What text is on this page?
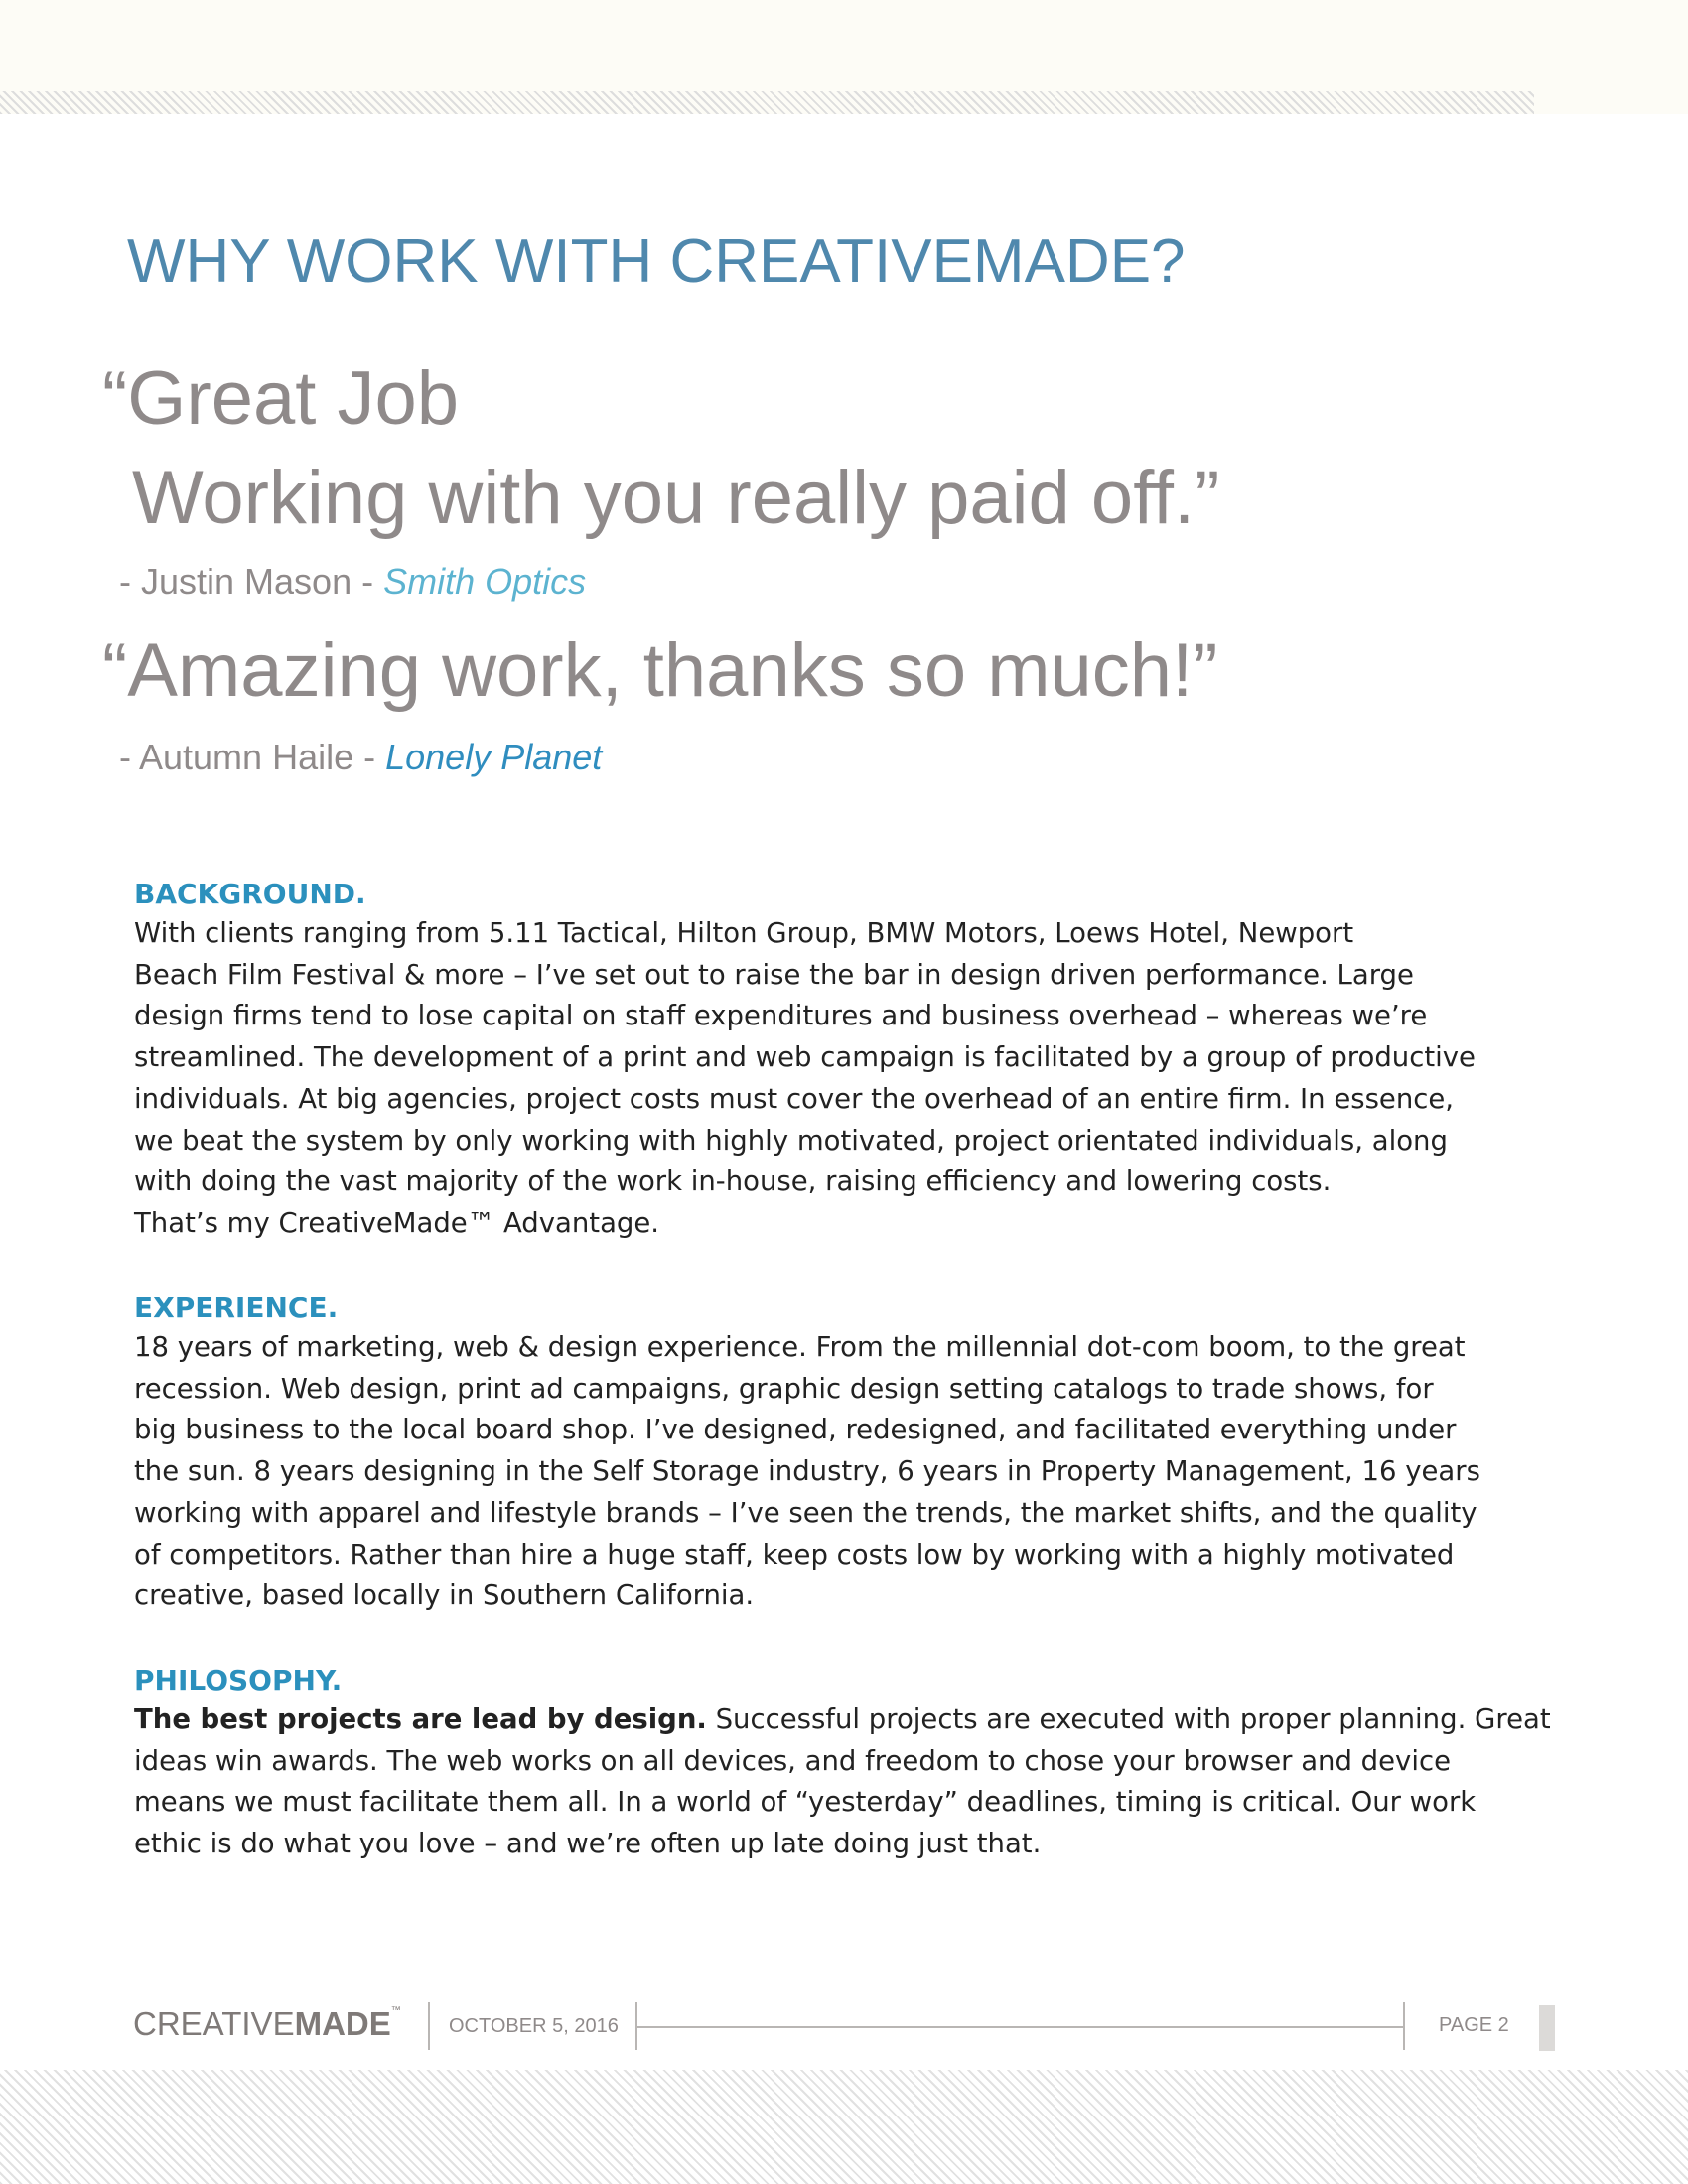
WHY WORK WITH CREATIVEMADE?
“Great Job
Working with you really paid off.”
- Justin Mason - Smith Optics
“Amazing work, thanks so much!”
- Autumn Haile - Lonely Planet
BACKGROUND.

With clients ranging from 5.11 Tactical, Hilton Group, BMW Motors, Loews Hotel, Newport
Beach Film Festival & more – I’ve set out to raise the bar in design driven performance. Large
design firms tend to lose capital on staff expenditures and business overhead – whereas we’re
streamlined. The development of a print and web campaign is facilitated by a group of productive
individuals. At big agencies, project costs must cover the overhead of an entire firm. In essence,
we beat the system by only working with highly motivated, project orientated individuals, along
with doing the vast majority of the work in-house, raising efficiency and lowering costs.
That’s my CreativeMade™ Advantage.

EXPERIENCE.

18 years of marketing, web & design experience. From the millennial dot-com boom, to the great
recession. Web design, print ad campaigns, graphic design setting catalogs to trade shows, for
big business to the local board shop. I’ve designed, redesigned, and facilitated everything under
the sun. 8 years designing in the Self Storage industry, 6 years in Property Management, 16 years
working with apparel and lifestyle brands – I’ve seen the trends, the market shifts, and the quality
of competitors. Rather than hire a huge staff, keep costs low by working with a highly motivated
creative, based locally in Southern California.

PHILOSOPHY.

The best projects are lead by design. Successful projects are executed with proper planning. Great
ideas win awards. The web works on all devices, and freedom to chose your browser and device
means we must facilitate them all. In a world of “yesterday” deadlines, timing is critical. Our work
ethic is do what you love – and we’re often up late doing just that.

CREATIVEMADE™
OCTOBER 5, 2016	PAGE 2
